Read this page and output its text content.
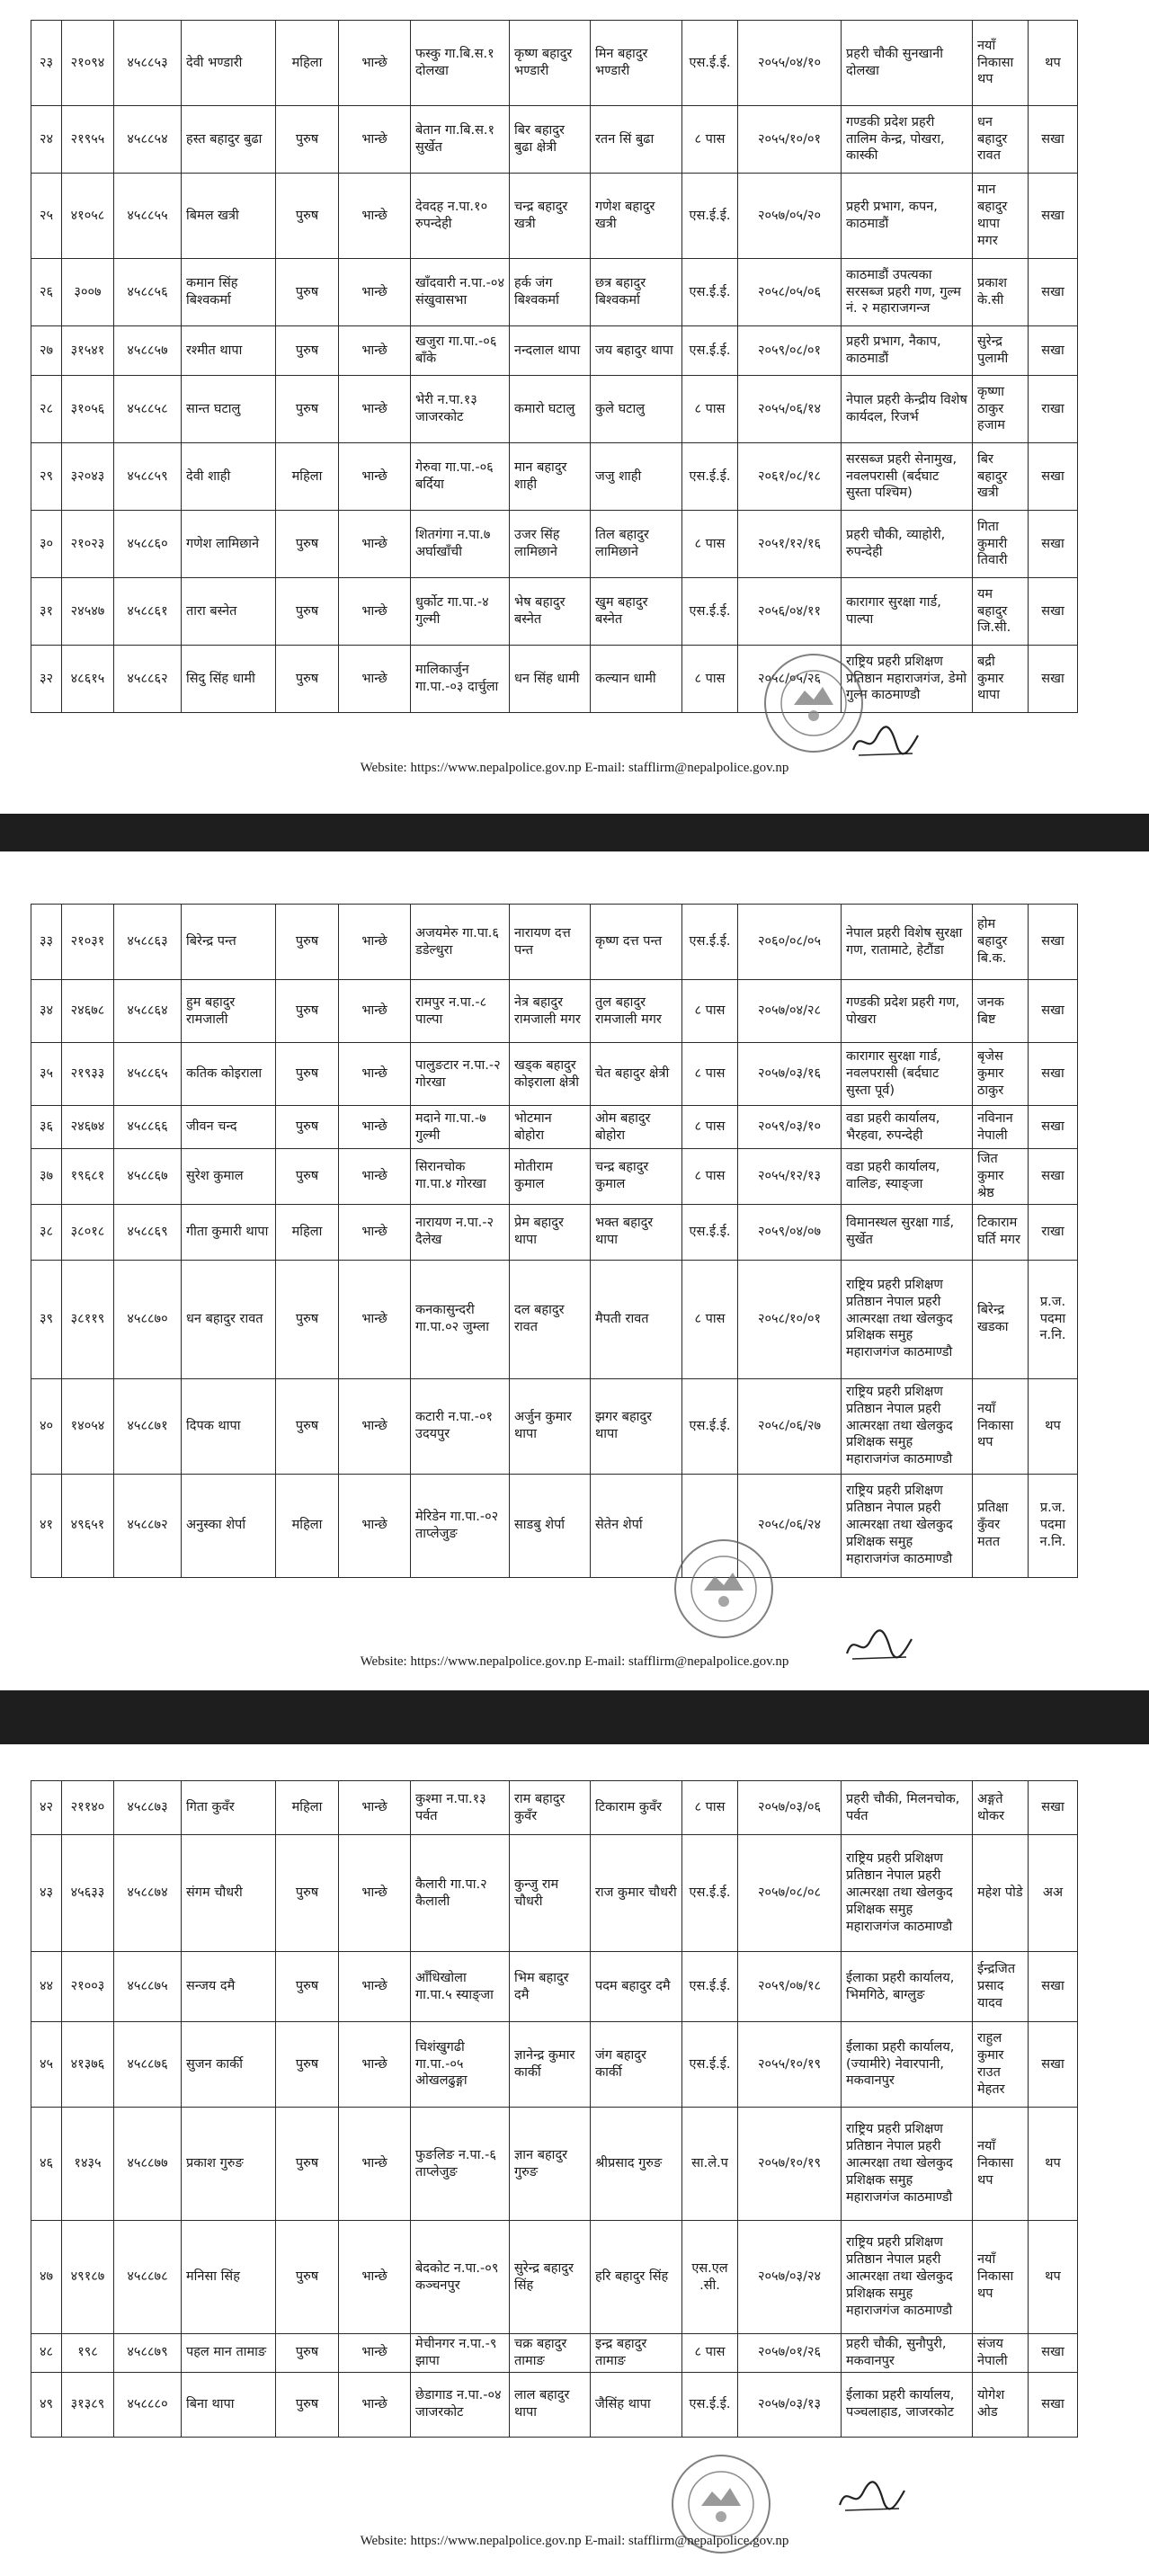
२३	२१०९४	४५८८५३	देवी भण्डारी	महिला	भान्छे	फस्कु गा.बि.स.१ दोलखा	कृष्ण बहादुर भण्डारी	मिन बहादुर भण्डारी	एस.ई.ई.	२०५५/०४/१०	प्रहरी चौकी सुनखानी दोलखा	नयाँ निकासा थप	थप
२४	२१९५५	४५८८५४	हस्त बहादुर बुढा	पुरुष	भान्छे	बेतान गा.बि.स.१ सुर्खेत	बिर बहादुर बुढा क्षेत्री	रतन सिं बुढा	८ पास	२०५५/१०/०१	गण्डकी प्रदेश प्रहरी तालिम केन्द्र, पोखरा, कास्की	धन बहादुर रावत	सखा
२५	४१०५८	४५८८५५	बिमल खत्री	पुरुष	भान्छे	देवदह न.पा.१० रुपन्देही	चन्द्र बहादुर खत्री	गणेश बहादुर खत्री	एस.ई.ई.	२०५७/०५/२०	प्रहरी प्रभाग, कपन, काठमाडौं	मान बहादुर थापा मगर	सखा
२६	३००७	४५८८५६	कमान सिंह बिश्वकर्मा	पुरुष	भान्छे	खाँदवारी न.पा.-०४ संखुवासभा	हर्क जंग बिश्वकर्मा	छत्र बहादुर बिश्वकर्मा	एस.ई.ई.	२०५८/०५/०६	काठमाडौं उपत्यका सरसब्ज प्रहरी गण, गुल्म नं. २ महाराजगन्ज	प्रकाश के.सी	सखा
२७	३१५४१	४५८८५७	रश्मीत थापा	पुरुष	भान्छे	खजुरा गा.पा.-०६ बाँके	नन्दलाल थापा	जय बहादुर थापा	एस.ई.ई.	२०५९/०८/०१	प्रहरी प्रभाग, नैकाप, काठमाडौं	सुरेन्द्र पुलामी	सखा
२८	३१०५६	४५८८५८	सान्त घटालु	पुरुष	भान्छे	भेरी न.पा.१३ जाजरकोट	कमारो घटालु	कुले घटालु	८ पास	२०५५/०६/१४	नेपाल प्रहरी केन्द्रीय विशेष कार्यदल, रिजर्भ	कृष्णा ठाकुर हजाम	राखा
२९	३२०४३	४५८८५९	देवी शाही	महिला	भान्छे	गेरुवा गा.पा.-०६ बर्दिया	मान बहादुर शाही	जजु शाही	एस.ई.ई.	२०६१/०८/१८	सरसब्ज प्रहरी सेनामुख, नवलपरासी (बर्दघाट सुस्ता पश्चिम)	बिर बहादुर खत्री	सखा
३०	२१०२३	४५८८६०	गणेश लामिछाने	पुरुष	भान्छे	शितगंगा न.पा.७ अर्घाखाँची	उजर सिंह लामिछाने	तिल बहादुर लामिछाने	८ पास	२०५१/१२/१६	प्रहरी चौकी, व्याहोरी, रुपन्देही	गिता कुमारी तिवारी	सखा
३१	२४५४७	४५८८६१	तारा बस्नेत	पुरुष	भान्छे	धुर्कोट गा.पा.-४ गुल्मी	भेष बहादुर बस्नेत	खुम बहादुर बस्नेत	एस.ई.ई.	२०५६/०४/११	कारागार सुरक्षा गार्ड, पाल्पा	यम बहादुर जि.सी.	सखा
३२	४८६१५	४५८८६२	सिदु सिंह धामी	पुरुष	भान्छे	मालिकार्जुन गा.पा.-०३ दार्चुला	धन सिंह धामी	कल्यान धामी	८ पास	२०५८/०५/२६	राष्ट्रिय प्रहरी प्रशिक्षण प्रतिष्ठान महाराजगंज, डेमो गुल्म काठमाण्डौ	बद्री कुमार थापा	सखा
Website: https://www.nepalpolice.gov.np E-mail: stafflirm@nepalpolice.gov.np
३३	२१०३१	४५८८६३	बिरेन्द्र पन्त	पुरुष	भान्छे	अजयमेरु गा.पा.६ डडेल्धुरा	नारायण दत्त पन्त	कृष्ण दत्त पन्त	एस.ई.ई.	२०६०/०८/०५	नेपाल प्रहरी विशेष सुरक्षा गण, रातामाटे, हेटौंडा	होम बहादुर बि.क.	सखा
३४	२४६७८	४५८८६४	हुम बहादुर रामजाली	पुरुष	भान्छे	रामपुर न.पा.-८ पाल्पा	नेत्र बहादुर रामजाली मगर	तुल बहादुर रामजाली मगर	८ पास	२०५७/०४/२८	गण्डकी प्रदेश प्रहरी गण, पोखरा	जनक बिष्ट	सखा
३५	२१९३३	४५८८६५	कतिक कोइराला	पुरुष	भान्छे	पालुङटार न.पा.-२ गोरखा	खड्क बहादुर कोइराला क्षेत्री	चेत बहादुर क्षेत्री	८ पास	२०५७/०३/१६	कारागार सुरक्षा गार्ड, नवलपरासी (बर्दघाट सुस्ता पूर्व)	बृजेस कुमार ठाकुर	सखा
३६	२४६७४	४५८८६६	जीवन चन्द	पुरुष	भान्छे	मदाने गा.पा.-७ गुल्मी	भोटमान बोहोरा	ओम बहादुर बोहोरा	८ पास	२०५९/०३/१०	वडा प्रहरी कार्यालय, भैरहवा, रुपन्देही	नविनान नेपाली	सखा
३७	१९६८१	४५८८६७	सुरेश कुमाल	पुरुष	भान्छे	सिरानचोक गा.पा.४ गोरखा	मोतीराम कुमाल	चन्द्र बहादुर कुमाल	८ पास	२०५५/१२/१३	वडा प्रहरी कार्यालय, वालिङ, स्याङ्जा	जित कुमार श्रेष्ठ	सखा
३८	३८०१८	४५८८६९	गीता कुमारी थापा	महिला	भान्छे	नारायण न.पा.-२ दैलेख	प्रेम बहादुर थापा	भक्त बहादुर थापा	एस.ई.ई.	२०५९/०४/०७	विमानस्थल सुरक्षा गार्ड, सुर्खेत	टिकाराम घर्ति मगर	राखा
३९	३८११९	४५८८७०	धन बहादुर रावत	पुरुष	भान्छे	कनकासुन्दरी गा.पा.०२ जुम्ला	दल बहादुर रावत	मैपती रावत	८ पास	२०५८/१०/०१	राष्ट्रिय प्रहरी प्रशिक्षण प्रतिष्ठान नेपाल प्रहरी आत्मरक्षा तथा खेलकुद प्रशिक्षक समुह महाराजगंज काठमाण्डौ	बिरेन्द्र खडका	प्र.ज. पदमा न.नि.
४०	१४०५४	४५८८७१	दिपक थापा	पुरुष	भान्छे	कटारी न.पा.-०१ उदयपुर	अर्जुन कुमार थापा	झगर बहादुर थापा	एस.ई.ई.	२०५८/०६/२७	राष्ट्रिय प्रहरी प्रशिक्षण प्रतिष्ठान नेपाल प्रहरी आत्मरक्षा तथा खेलकुद प्रशिक्षक समुह महाराजगंज काठमाण्डौ	नयाँ निकासा थप	थप
४१	४९६५१	४५८८७२	अनुस्का शेर्पा	महिला	भान्छे	मेरिडेन गा.पा.-०२ ताप्लेजुङ	साडबु शेर्पा	सेतेन शेर्पा		२०५८/०६/२४	राष्ट्रिय प्रहरी प्रशिक्षण प्रतिष्ठान नेपाल प्रहरी आत्मरक्षा तथा खेलकुद प्रशिक्षक समुह महाराजगंज काठमाण्डौ	प्रतिक्षा कुँवर मतत	प्र.ज. पदमा न.नि.
Website: https://www.nepalpolice.gov.np E-mail: stafflirm@nepalpolice.gov.np
४२	२११४०	४५८८७३	गिता कुवँर	महिला	भान्छे	कुश्मा न.पा.१३ पर्वत	राम बहादुर कुवँर	टिकाराम कुवँर	८ पास	२०५७/०३/०६	प्रहरी चौकी, मिलनचोक, पर्वत	अङ्गते थोकर	सखा
४३	४५६३३	४५८८७४	संगम चौधरी	पुरुष	भान्छे	कैलारी गा.पा.२ कैलाली	कुन्जु राम चौधरी	राज कुमार चौधरी	एस.ई.ई.	२०५७/०८/०८	राष्ट्रिय प्रहरी प्रशिक्षण प्रतिष्ठान नेपाल प्रहरी आत्मरक्षा तथा खेलकुद प्रशिक्षक समुह महाराजगंज काठमाण्डौ	महेश पोडे	अअ
४४	२१००३	४५८८७५	सन्जय दमै	पुरुष	भान्छे	आँधिखोला गा.पा.५ स्याङ्जा	भिम बहादुर दमै	पदम बहादुर दमै	एस.ई.ई.	२०५९/०७/१८	ईलाका प्रहरी कार्यालय, भिमगिठे, बाग्लुङ	ईन्द्रजित प्रसाद यादव	सखा
४५	४१३७६	४५८८७६	सुजन कार्की	पुरुष	भान्छे	चिशंखुगढी गा.पा.-०५ ओखलढुङ्गा	ज्ञानेन्द्र कुमार कार्की	जंग बहादुर कार्की	एस.ई.ई.	२०५५/१०/१९	ईलाका प्रहरी कार्यालय, (ज्यामीरे) नेवारपानी, मकवानपुर	राहुल कुमार राउत मेहतर	सखा
४६	१४३५	४५८८७७	प्रकाश गुरुङ	पुरुष	भान्छे	फुङलिङ न.पा.-६ ताप्लेजुङ	ज्ञान बहादुर गुरुङ	श्रीप्रसाद गुरुङ	सा.ले.प	२०५७/१०/१९	राष्ट्रिय प्रहरी प्रशिक्षण प्रतिष्ठान नेपाल प्रहरी आत्मरक्षा तथा खेलकुद प्रशिक्षक समुह महाराजगंज काठमाण्डौ	नयाँ निकासा थप	थप
४७	४९१८७	४५८८७८	मनिसा सिंह	पुरुष	भान्छे	बेदकोट न.पा.-०९ कञ्चनपुर	सुरेन्द्र बहादुर सिंह	हरि बहादुर सिंह	एस.एल .सी.	२०५७/०३/२४	राष्ट्रिय प्रहरी प्रशिक्षण प्रतिष्ठान नेपाल प्रहरी आत्मरक्षा तथा खेलकुद प्रशिक्षक समुह महाराजगंज काठमाण्डौ	नयाँ निकासा थप	थप
४८	१९८	४५८८७९	पहल मान तामाङ	पुरुष	भान्छे	मेचीनगर न.पा.-९ झापा	चक्र बहादुर तामाङ	इन्द्र बहादुर तामाङ	८ पास	२०५७/०१/२६	प्रहरी चौकी, सुनौपुरी, मकवानपुर	संजय नेपाली	सखा
४९	३१३८९	४५८८८०	बिना थापा	पुरुष	भान्छे	छेडागाड न.पा.-०४ जाजरकोट	लाल बहादुर थापा	जैसिंह थापा	एस.ई.ई.	२०५७/०३/१३	ईलाका प्रहरी कार्यालय, पञ्चलाहाड, जाजरकोट	योगेश ओड	सखा
Website: https://www.nepalpolice.gov.np E-mail: stafflirm@nepalpolice.gov.np
